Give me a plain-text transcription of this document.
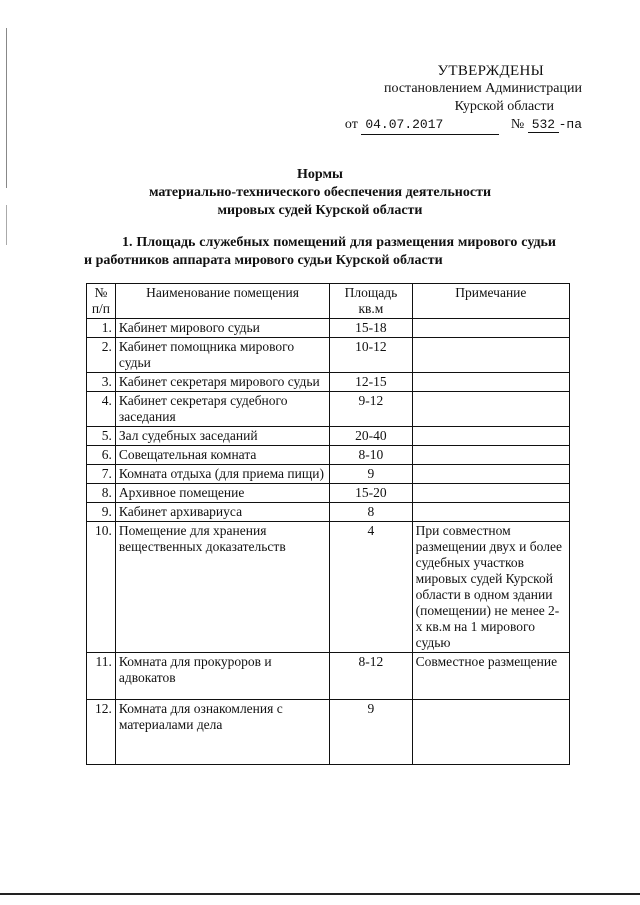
УТВЕРЖДЕНЫ
постановлением Администрации
Курской области
от 04.07.2017	№ 532 -па
Нормы
материально-технического обеспечения деятельности
мировых судей Курской области
1. Площадь служебных помещений для размещения мирового судьи и работников аппарата мирового судьи Курской области
№ п/п	Наименование помещения	Площадь кв.м	Примечание
1.	Кабинет мирового судьи	15-18	
2.	Кабинет помощника мирового судьи	10-12	
3.	Кабинет секретаря мирового судьи	12-15	
4.	Кабинет секретаря судебного заседания	9-12	
5.	Зал судебных заседаний	20-40	
6.	Совещательная комната	8-10	
7.	Комната отдыха (для приема пищи)	9	
8.	Архивное помещение	15-20	
9.	Кабинет архивариуса	8	
10.	Помещение для хранения вещественных доказательств	4	При совместном размещении двух и более судебных участков мировых судей Курской области в одном здании (помещении) не менее 2-х кв.м на 1 мирового судью
11.	Комната для прокуроров и адвокатов	8-12	Совместное размещение
12.	Комната для ознакомления с материалами дела	9	
